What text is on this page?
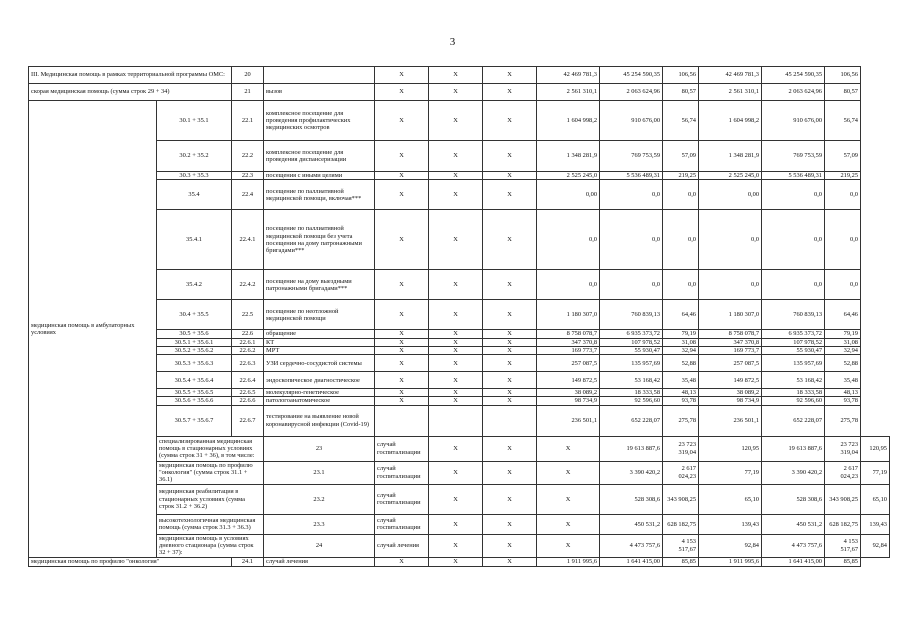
3
III. Медицинская помощь в рамках территориальной программы ОМС:		20		X	X	X	42 469 781,3	45 254 590,35	106,56	42 469 781,3	45 254 590,35	106,56	
скорая медицинская помощь (сумма строк 29 + 34)		21	вызов	X	X	X	2 561 310,1	2 063 624,96	80,57	2 561 310,1	2 063 624,96	80,57	
медицинская помощь в амбулаторных условиях	30.1 + 35.1	22.1	комплексное посещение для проведения профилактических медицинских осмотров	X	X	X	1 604 998,2	910 676,00	56,74	1 604 998,2	910 676,00	56,74	
	30.2 + 35.2	22.2	комплексное посещение для проведения диспансеризации	X	X	X	1 348 281,9	769 753,59	57,09	1 348 281,9	769 753,59	57,09	
	30.3 + 35.3	22.3	посещения с иными целями	X	X	X	2 525 245,0	5 536 489,31	219,25	2 525 245,0	5 536 489,31	219,25	
	35.4	22.4	посещение по паллиативной медицинской помощи, включая***	X	X	X	0,00	0,0	0,0	0,00	0,0	0,0	
	35.4.1	22.4.1	посещение по паллиативной медицинской помощи без учета посещения на дому патронажными бригадами***	X	X	X	0,0	0,0	0,0	0,0	0,0	0,0	
	35.4.2	22.4.2	посещение на дому выездными патронажными бригадами***	X	X	X	0,0	0,0	0,0	0,0	0,0	0,0	
	30.4 + 35.5	22.5	посещение по неотложной медицинской помощи	X	X	X	1 180 307,0	760 839,13	64,46	1 180 307,0	760 839,13	64,46	
	30.5 + 35.6	22.6	обращение	X	X	X	8 758 078,7	6 935 373,72	79,19	8 758 078,7	6 935 373,72	79,19	
	30.5.1 + 35.6.1	22.6.1	КТ	X	X	X	347 370,8	107 978,52	31,08	347 370,8	107 978,52	31,08	
	30.5.2 + 35.6.2	22.6.2	МРТ	X	X	X	169 773,7	55 930,47	32,94	169 773,7	55 930,47	32,94	
	30.5.3 + 35.6.3	22.6.3	УЗИ сердечно-сосудистой системы	X	X	X	257 087,5	135 957,69	52,88	257 087,5	135 957,69	52,88	
	30.5.4 + 35.6.4	22.6.4	эндоскопическое диагностическое	X	X	X	149 872,5	53 168,42	35,48	149 872,5	53 168,42	35,48	
	30.5.5 + 35.6.5	22.6.5	молекулярно-генетическое	X	X	X	38 089,2	18 333,58	48,13	38 089,2	18 333,58	48,13	
	30.5.6 + 35.6.6	22.6.6	патологоанатомическое	X	X	X	98 734,9	92 596,60	93,78	98 734,9	92 596,60	93,78	
	30.5.7 + 35.6.7	22.6.7	тестирование на выявление новой коронавирусной инфекции (Covid-19)				236 501,1	652 228,07	275,78	236 501,1	652 228,07	275,78	
	специализированная медицинская помощь в стационарных условиях (сумма строк 31 + 36), в том числе:		23	случай госпитализации	X	X	X	19 613 887,6	23 723 319,04	120,95	19 613 887,6	23 723 319,04	120,95
	медицинская помощь по профилю "онкология" (сумма строк 31.1 + 36.1)		23.1	случай госпитализации	X	X	X	3 390 420,2	2 617 024,23	77,19	3 390 420,2	2 617 024,23	77,19
	медицинская реабилитация в стационарных условиях (сумма строк 31.2 + 36.2)		23.2	случай госпитализации	X	X	X	528 308,6	343 908,25	65,10	528 308,6	343 908,25	65,10
	высокотехнологичная медицинская помощь (сумма строк 31.3 + 36.3)		23.3	случай госпитализации	X	X	X	450 531,2	628 182,75	139,43	450 531,2	628 182,75	139,43
	медицинская помощь в условиях дневного стационара (сумма строк 32 + 37):		24	случай лечения	X	X	X	4 473 757,6	4 153 517,67	92,84	4 473 757,6	4 153 517,67	92,84
медицинская помощь по профилю "онкология"		24.1	случай лечения	X	X	X	1 911 995,6	1 641 415,00	85,85	1 911 995,6	1 641 415,00	85,85	
